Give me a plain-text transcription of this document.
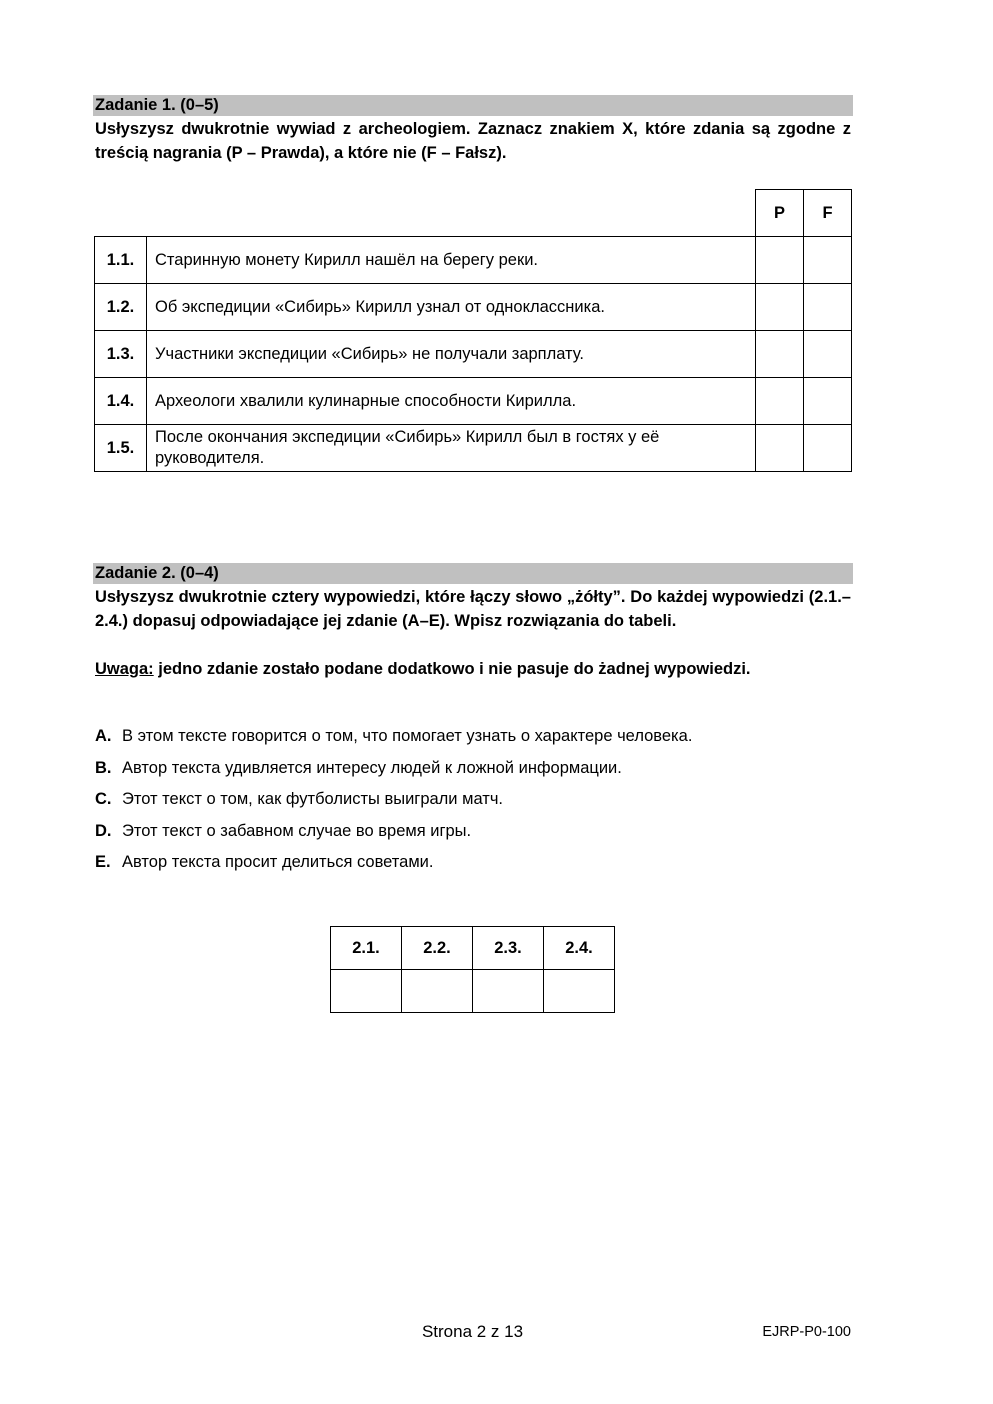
Zadanie 1. (0–5)
Usłyszysz dwukrotnie wywiad z archeologiem. Zaznacz znakiem X, które zdania są zgodne z treścią nagrania (P – Prawda), a które nie (F – Fałsz).
		P	F
1.1.	Старинную монету Кирилл нашёл на берегу реки.		
1.2.	Об экспедиции «Сибирь» Кирилл узнал от одноклассника.		
1.3.	Участники экспедиции «Сибирь» не получали зарплату.		
1.4.	Археологи хвалили кулинарные способности Кирилла.		
1.5.	После окончания экспедиции «Сибирь» Кирилл был в гостях у её руководителя.		
Zadanie 2. (0–4)
Usłyszysz dwukrotnie cztery wypowiedzi, które łączy słowo „żółty”. Do każdej wypowiedzi (2.1.–2.4.) dopasuj odpowiadające jej zdanie (A–E). Wpisz rozwiązania do tabeli.
Uwaga: jedno zdanie zostało podane dodatkowo i nie pasuje do żadnej wypowiedzi.
A. В этом тексте говорится о том, что помогает узнать о характере человека.
B. Автор текста удивляется интересу людей к ложной информации.
C. Этот текст о том, как футболисты выиграли матч.
D. Этот текст о забавном случае во время игры.
E. Автор текста просит делиться советами.
2.1.	2.2.	2.3.	2.4.

Strona 2 z 13	EJRP-P0-100
